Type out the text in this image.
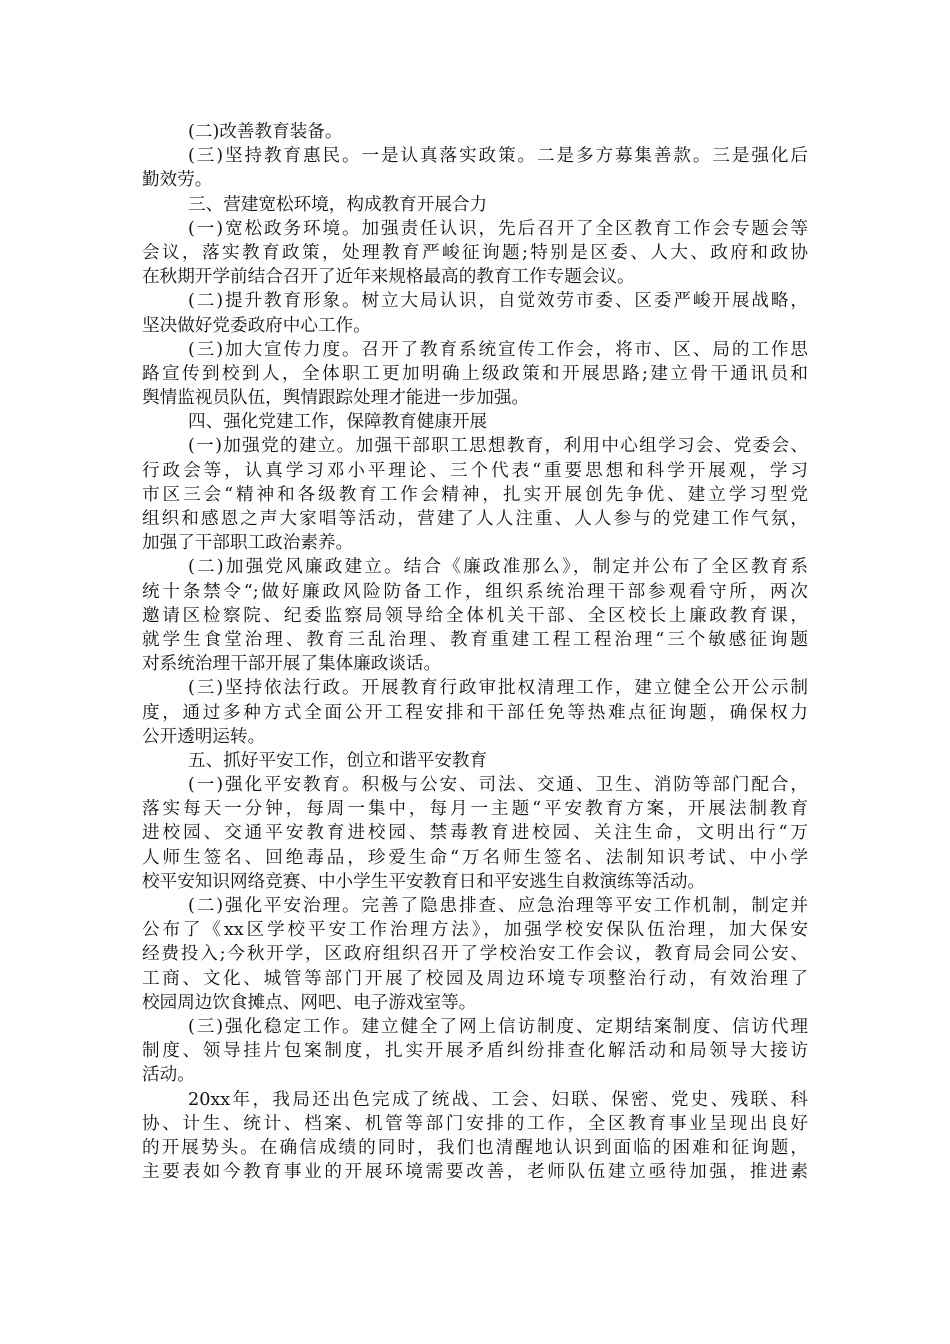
(二)改善教育装备。
(三)坚持教育惠民。一是认真落实政策。二是多方募集善款。三是强化后
勤效劳。
三、营建宽松环境，构成教育开展合力
(一)宽松政务环境。加强责任认识，先后召开了全区教育工作会专题会等
会议，落实教育政策，处理教育严峻征询题;特别是区委、人大、政府和政协
在秋期开学前结合召开了近年来规格最高的教育工作专题会议。
(二)提升教育形象。树立大局认识，自觉效劳市委、区委严峻开展战略，
坚决做好党委政府中心工作。
(三)加大宣传力度。召开了教育系统宣传工作会，将市、区、局的工作思
路宣传到校到人，全体职工更加明确上级政策和开展思路;建立骨干通讯员和
舆情监视员队伍，舆情跟踪处理才能进一步加强。
四、强化党建工作，保障教育健康开展
(一)加强党的建立。加强干部职工思想教育，利用中心组学习会、党委会、
行政会等，认真学习邓小平理论、三个代表“重要思想和科学开展观，学习
市区三会“精神和各级教育工作会精神，扎实开展创先争优、建立学习型党
组织和感恩之声大家唱等活动，营建了人人注重、人人参与的党建工作气氛，
加强了干部职工政治素养。
(二)加强党风廉政建立。结合《廉政准那么》，制定并公布了全区教育系
统十条禁令“;做好廉政风险防备工作，组织系统治理干部参观看守所，两次
邀请区检察院、纪委监察局领导给全体机关干部、全区校长上廉政教育课，
就学生食堂治理、教育三乱治理、教育重建工程工程治理“三个敏感征询题
对系统治理干部开展了集体廉政谈话。
(三)坚持依法行政。开展教育行政审批权清理工作，建立健全公开公示制
度，通过多种方式全面公开工程安排和干部任免等热难点征询题，确保权力
公开透明运转。
五、抓好平安工作，创立和谐平安教育
(一)强化平安教育。积极与公安、司法、交通、卫生、消防等部门配合，
落实每天一分钟，每周一集中，每月一主题“平安教育方案，开展法制教育
进校园、交通平安教育进校园、禁毒教育进校园、关注生命，文明出行“万
人师生签名、回绝毒品，珍爱生命“万名师生签名、法制知识考试、中小学
校平安知识网络竞赛、中小学生平安教育日和平安逃生自救演练等活动。
(二)强化平安治理。完善了隐患排查、应急治理等平安工作机制，制定并
公布了《xx区学校平安工作治理方法》，加强学校安保队伍治理，加大保安
经费投入;今秋开学，区政府组织召开了学校治安工作会议，教育局会同公安、
工商、文化、城管等部门开展了校园及周边环境专项整治行动，有效治理了
校园周边饮食摊点、网吧、电子游戏室等。
(三)强化稳定工作。建立健全了网上信访制度、定期结案制度、信访代理
制度、领导挂片包案制度，扎实开展矛盾纠纷排查化解活动和局领导大接访
活动。
20xx年，我局还出色完成了统战、工会、妇联、保密、党史、残联、科
协、计生、统计、档案、机管等部门安排的工作，全区教育事业呈现出良好
的开展势头。在确信成绩的同时，我们也清醒地认识到面临的困难和征询题，
主要表如今教育事业的开展环境需要改善，老师队伍建立亟待加强，推进素
